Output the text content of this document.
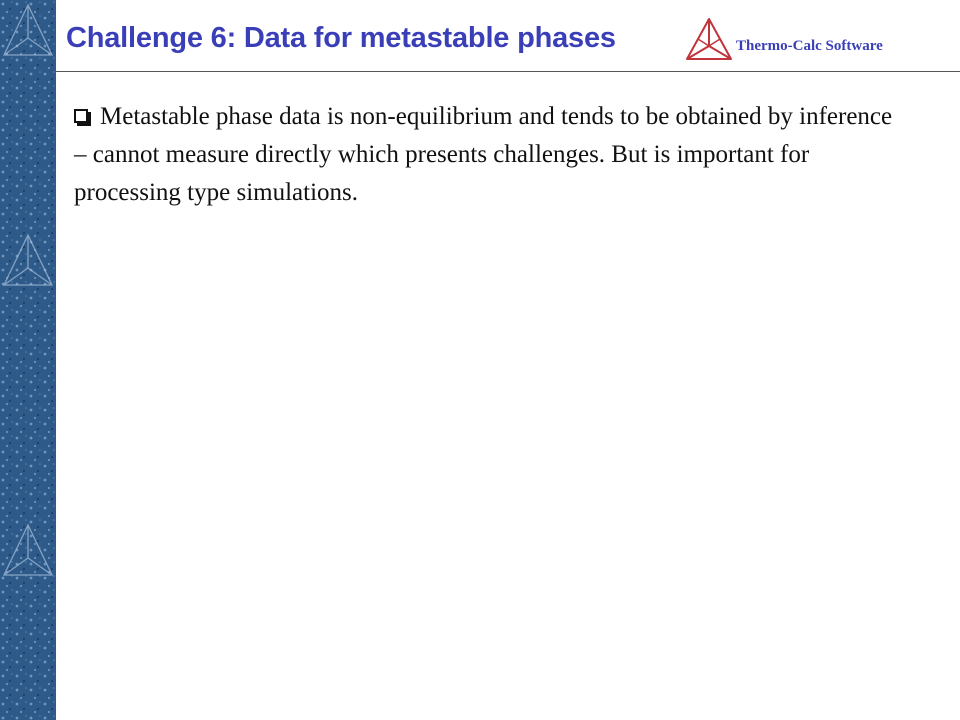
Challenge 6: Data for metastable phases	Thermo-Calc Software
Metastable phase data is non-equilibrium and tends to be obtained by inference – cannot measure directly which presents challenges. But is important for processing type simulations.
